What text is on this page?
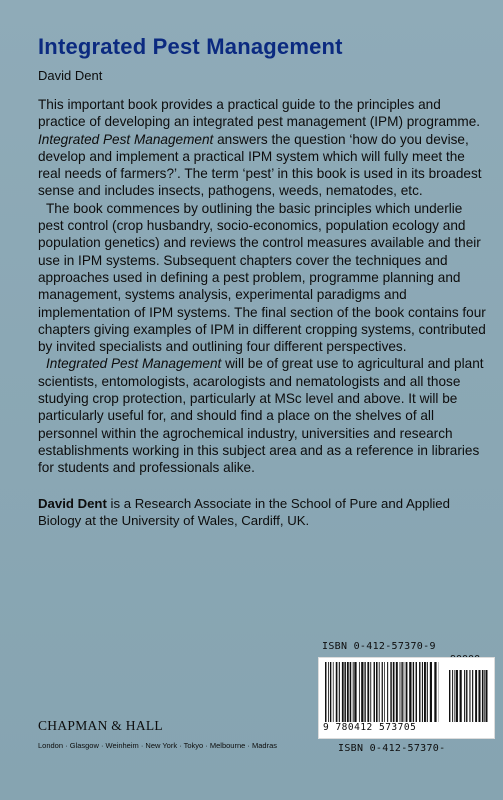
Integrated Pest Management
David Dent

This important book provides a practical guide to the principles and practice of developing an integrated pest management (IPM) programme. Integrated Pest Management answers the question ‘how do you devise, develop and implement a practical IPM system which will fully meet the real needs of farmers?’. The term ‘pest’ in this book is used in its broadest sense and includes insects, pathogens, weeds, nematodes, etc.

The book commences by outlining the basic principles which underlie pest control (crop husbandry, socio-economics, population ecology and population genetics) and reviews the control measures available and their use in IPM systems. Subsequent chapters cover the techniques and approaches used in defining a pest problem, programme planning and management, systems analysis, experimental paradigms and implementation of IPM systems. The final section of the book contains four chapters giving examples of IPM in different cropping systems, contributed by invited specialists and outlining four different perspectives.

Integrated Pest Management will be of great use to agricultural and plant scientists, entomologists, acarologists and nematologists and all those studying crop protection, particularly at MSc level and above. It will be particularly useful for, and should find a place on the shelves of all personnel within the agrochemical industry, universities and research establishments working in this subject area and as a reference in libraries for students and professionals alike.

David Dent is a Research Associate in the School of Pure and Applied Biology at the University of Wales, Cardiff, UK.

ISBN 0-412-57370-9
9 780412 573705
ISBN 0-412-57370-
CHAPMAN & HALL
London · Glasgow · Weinheim · New York · Tokyo · Melbourne · Madras
